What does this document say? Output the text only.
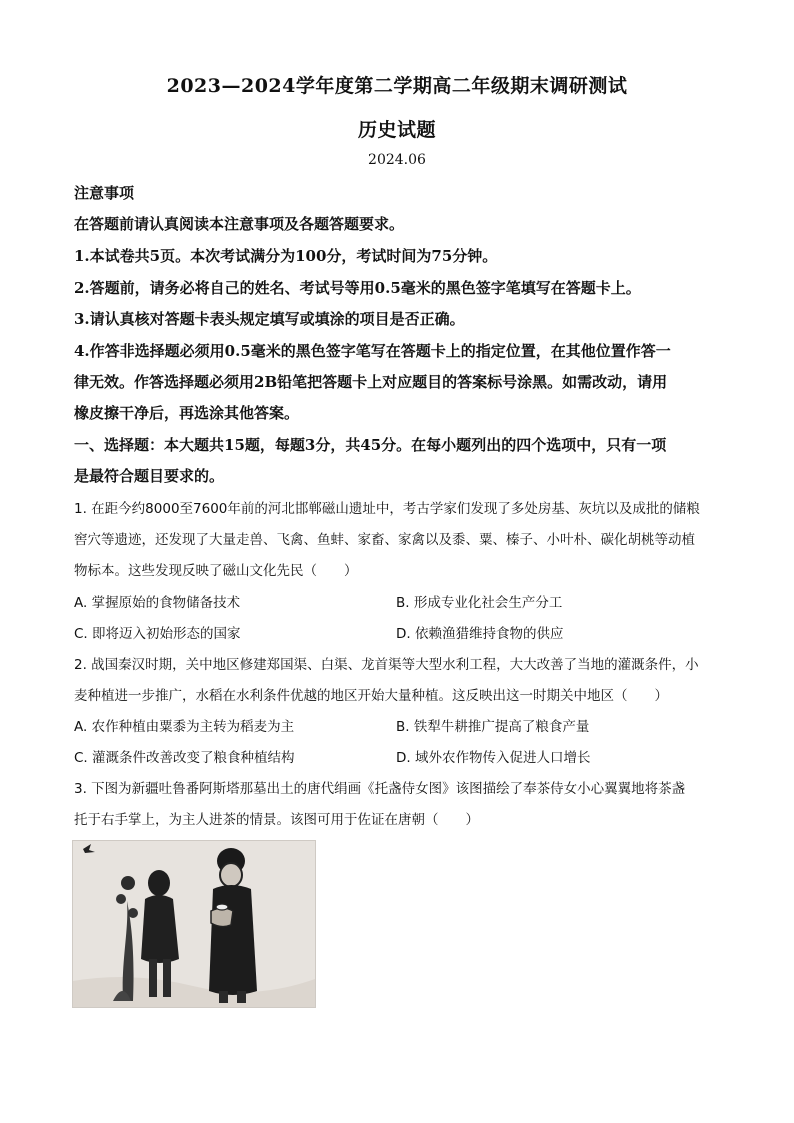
2023—2024学年度第二学期高二年级期末调研测试
历史试题
2024.06
注意事项
在答题前请认真阅读本注意事项及各题答题要求。
1.本试卷共5页。本次考试满分为100分，考试时间为75分钟。
2.答题前，请务必将自己的姓名、考试号等用0.5毫米的黑色签字笔填写在答题卡上。
3.请认真核对答题卡表头规定填写或填涂的项目是否正确。
4.作答非选择题必须用0.5毫米的黑色签字笔写在答题卡上的指定位置，在其他位置作答一
律无效。作答选择题必须用2B铅笔把答题卡上对应题目的答案标号涂黑。如需改动，请用
橡皮擦干净后，再选涂其他答案。
一、选择题：本大题共15题，每题3分，共45分。在每小题列出的四个选项中，只有一项
是最符合题目要求的。
1. 在距今约8000至7600年前的河北邯郸磁山遗址中，考古学家们发现了多处房基、灰坑以及成批的储粮
窖穴等遗迹，还发现了大量走兽、飞禽、鱼蚌、家畜、家禽以及黍、粟、榛子、小叶朴、碳化胡桃等动植
物标本。这些发现反映了磁山文化先民（　　）
A. 掌握原始的食物储备技术	B. 形成专业化社会生产分工
C. 即将迈入初始形态的国家	D. 依赖渔猎维持食物的供应
2. 战国秦汉时期，关中地区修建郑国渠、白渠、龙首渠等大型水利工程，大大改善了当地的灌溉条件，小
麦种植进一步推广，水稻在水利条件优越的地区开始大量种植。这反映出这一时期关中地区（　　）
A. 农作种植由粟黍为主转为稻麦为主	B. 铁犁牛耕推广提高了粮食产量
C. 灌溉条件改善改变了粮食种植结构	D. 域外农作物传入促进人口增长
3. 下图为新疆吐鲁番阿斯塔那墓出土的唐代绢画《托盏侍女图》该图描绘了奉茶侍女小心翼翼地将茶盏
托于右手掌上，为主人进茶的情景。该图可用于佐证在唐朝（　　）
